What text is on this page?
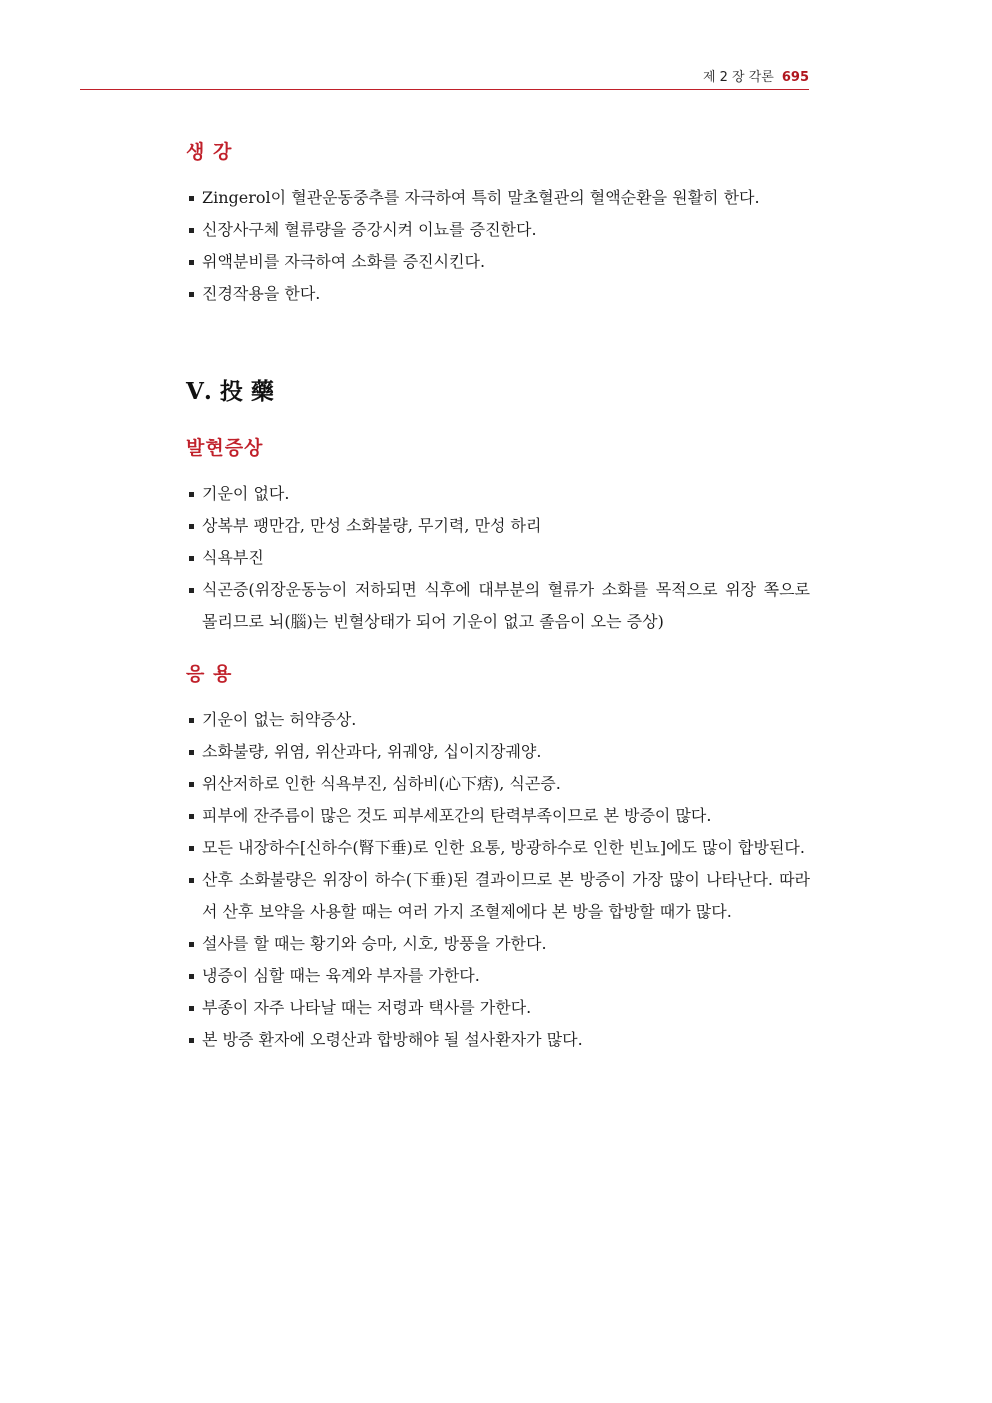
제 2 장 각론 695
생 강
Zingerol이 혈관운동중추를 자극하여 특히 말초혈관의 혈액순환을 원활히 한다.
신장사구체 혈류량을 증강시켜 이뇨를 증진한다.
위액분비를 자극하여 소화를 증진시킨다.
진경작용을 한다.
Ⅴ. 投 藥
발현증상
기운이 없다.
상복부 팽만감, 만성 소화불량, 무기력, 만성 하리
식욕부진
식곤증(위장운동능이 저하되면 식후에 대부분의 혈류가 소화를 목적으로 위장 쪽으로 몰리므로 뇌(腦)는 빈혈상태가 되어 기운이 없고 졸음이 오는 증상)
응 용
기운이 없는 허약증상.
소화불량, 위염, 위산과다, 위궤양, 십이지장궤양.
위산저하로 인한 식욕부진, 심하비(心下痞), 식곤증.
피부에 잔주름이 많은 것도 피부세포간의 탄력부족이므로 본 방증이 많다.
모든 내장하수[신하수(腎下垂)로 인한 요통, 방광하수로 인한 빈뇨]에도 많이 합방된다.
산후 소화불량은 위장이 하수(下垂)된 결과이므로 본 방증이 가장 많이 나타난다. 따라서 산후 보약을 사용할 때는 여러 가지 조혈제에다 본 방을 합방할 때가 많다.
설사를 할 때는 황기와 승마, 시호, 방풍을 가한다.
냉증이 심할 때는 육계와 부자를 가한다.
부종이 자주 나타날 때는 저령과 택사를 가한다.
본 방증 환자에 오령산과 합방해야 될 설사환자가 많다.
